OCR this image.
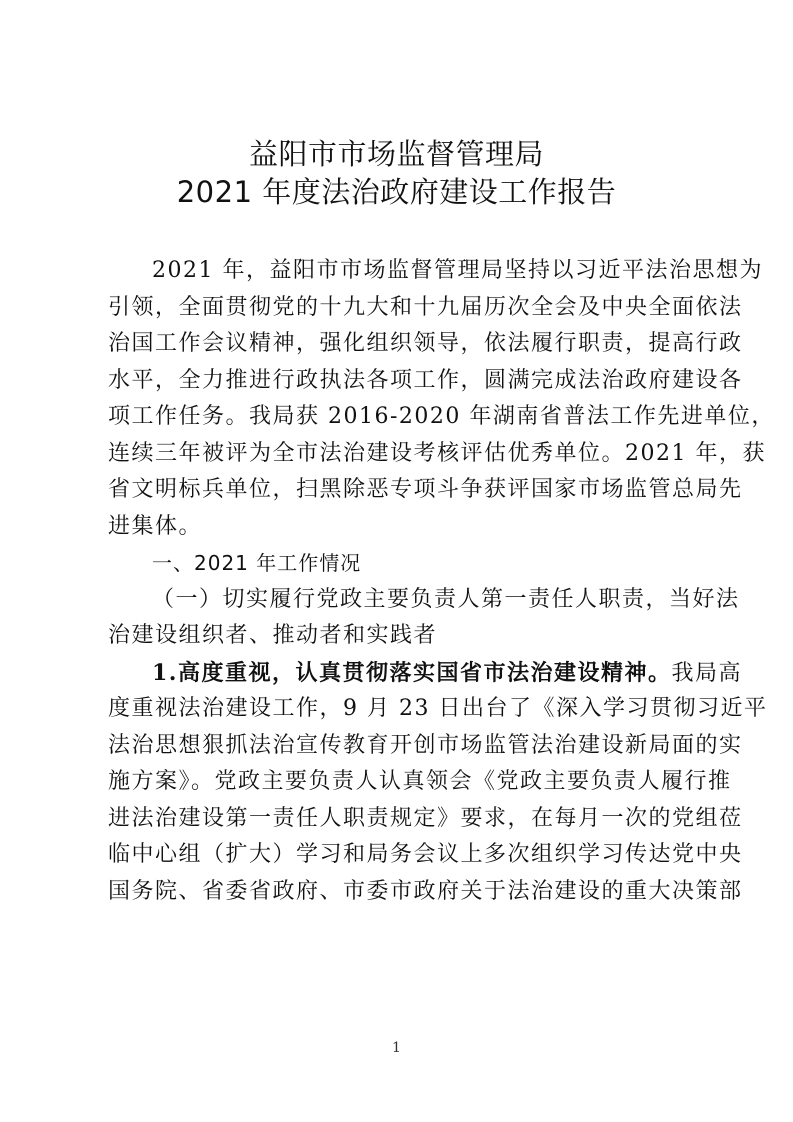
益阳市市场监督管理局
2021 年度法治政府建设工作报告
2021 年，益阳市市场监督管理局坚持以习近平法治思想为
引领，全面贯彻党的十九大和十九届历次全会及中央全面依法
治国工作会议精神，强化组织领导，依法履行职责，提高行政
水平，全力推进行政执法各项工作，圆满完成法治政府建设各
项工作任务。我局获 2016-2020 年湖南省普法工作先进单位，
连续三年被评为全市法治建设考核评估优秀单位。2021 年，获
省文明标兵单位，扫黑除恶专项斗争获评国家市场监管总局先
进集体。
一、2021 年工作情况
（一）切实履行党政主要负责人第一责任人职责，当好法
治建设组织者、推动者和实践者
1.高度重视，认真贯彻落实国省市法治建设精神。我局高
度重视法治建设工作，9 月 23 日出台了《深入学习贯彻习近平
法治思想狠抓法治宣传教育开创市场监管法治建设新局面的实
施方案》。党政主要负责人认真领会《党政主要负责人履行推
进法治建设第一责任人职责规定》要求，在每月一次的党组莅
临中心组（扩大）学习和局务会议上多次组织学习传达党中央
国务院、省委省政府、市委市政府关于法治建设的重大决策部
1
